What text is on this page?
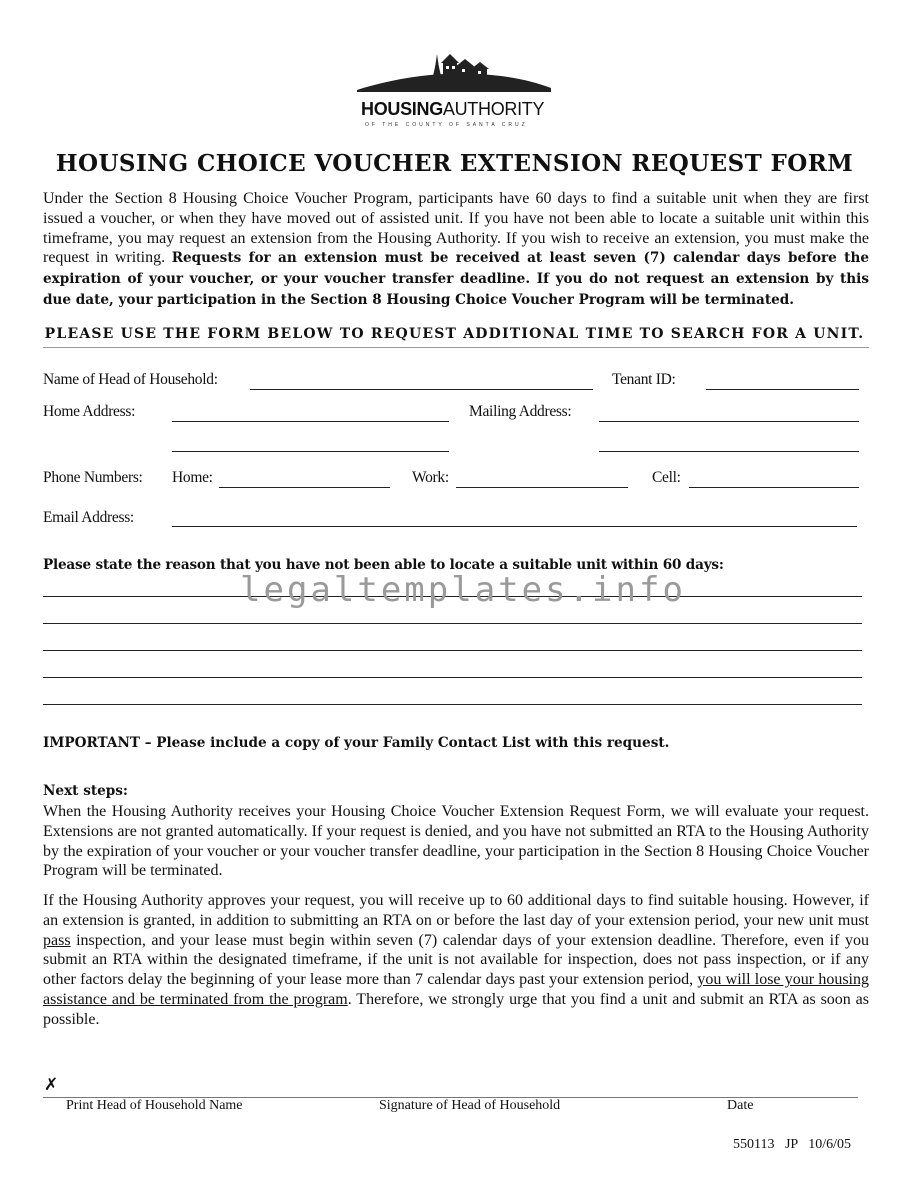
HOUSINGAUTHORITY
OF THE COUNTY OF SANTA CRUZ
HOUSING CHOICE VOUCHER EXTENSION REQUEST FORM
Under the Section 8 Housing Choice Voucher Program, participants have 60 days to find a suitable unit when they are first issued a voucher, or when they have moved out of assisted unit. If you have not been able to locate a suitable unit within this timeframe, you may request an extension from the Housing Authority. If you wish to receive an extension, you must make the request in writing. Requests for an extension must be received at least seven (7) calendar days before the expiration of your voucher, or your voucher transfer deadline. If you do not request an extension by this due date, your participation in the Section 8 Housing Choice Voucher Program will be terminated.
PLEASE USE THE FORM BELOW TO REQUEST ADDITIONAL TIME TO SEARCH FOR A UNIT.
Name of Head of Household:	Tenant ID:
Home Address:	Mailing Address:
Phone Numbers: Home:	Work:	Cell:
Email Address:
Please state the reason that you have not been able to locate a suitable unit within 60 days:
legaltemplates.info
IMPORTANT – Please include a copy of your Family Contact List with this request.
Next steps:
When the Housing Authority receives your Housing Choice Voucher Extension Request Form, we will evaluate your request. Extensions are not granted automatically. If your request is denied, and you have not submitted an RTA to the Housing Authority by the expiration of your voucher or your voucher transfer deadline, your participation in the Section 8 Housing Choice Voucher Program will be terminated.
If the Housing Authority approves your request, you will receive up to 60 additional days to find suitable housing. However, if an extension is granted, in addition to submitting an RTA on or before the last day of your extension period, your new unit must pass inspection, and your lease must begin within seven (7) calendar days of your extension deadline. Therefore, even if you submit an RTA within the designated timeframe, if the unit is not available for inspection, does not pass inspection, or if any other factors delay the beginning of your lease more than 7 calendar days past your extension period, you will lose your housing assistance and be terminated from the program. Therefore, we strongly urge that you find a unit and submit an RTA as soon as possible.
✗
Print Head of Household Name	Signature of Head of Household	Date
550113   JP   10/6/05
